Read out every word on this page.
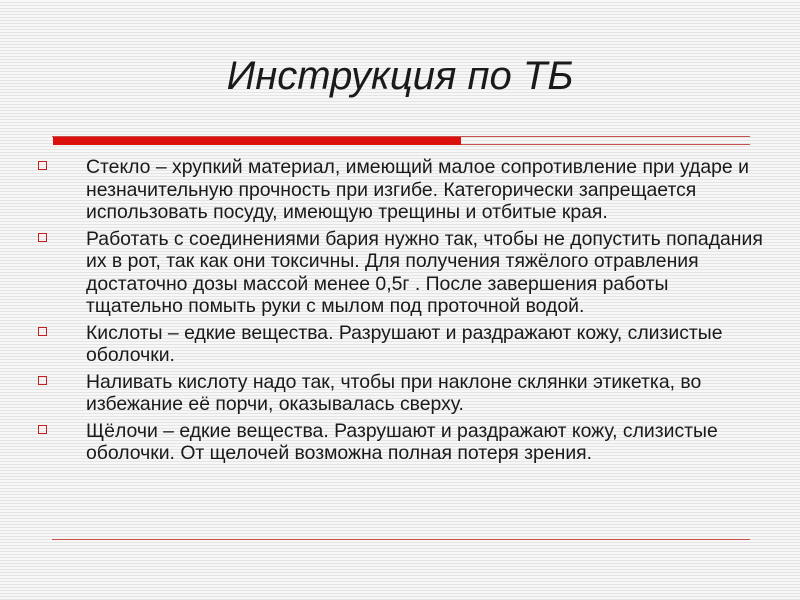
Инструкция по ТБ
Стекло – хрупкий материал, имеющий малое сопротивление при ударе и незначительную прочность при изгибе. Категорически запрещается использовать посуду, имеющую трещины и отбитые края.
Работать с соединениями бария нужно так, чтобы не допустить попадания их в рот, так как они токсичны. Для получения тяжёлого отравления достаточно дозы массой менее 0,5г . После завершения работы тщательно помыть руки с мылом под проточной водой.
Кислоты – едкие вещества. Разрушают и раздражают кожу, слизистые оболочки.
Наливать кислоту надо так, чтобы при наклоне склянки этикетка, во избежание её порчи, оказывалась сверху.
Щёлочи – едкие вещества. Разрушают и раздражают кожу, слизистые оболочки. От щелочей возможна полная потеря зрения.
